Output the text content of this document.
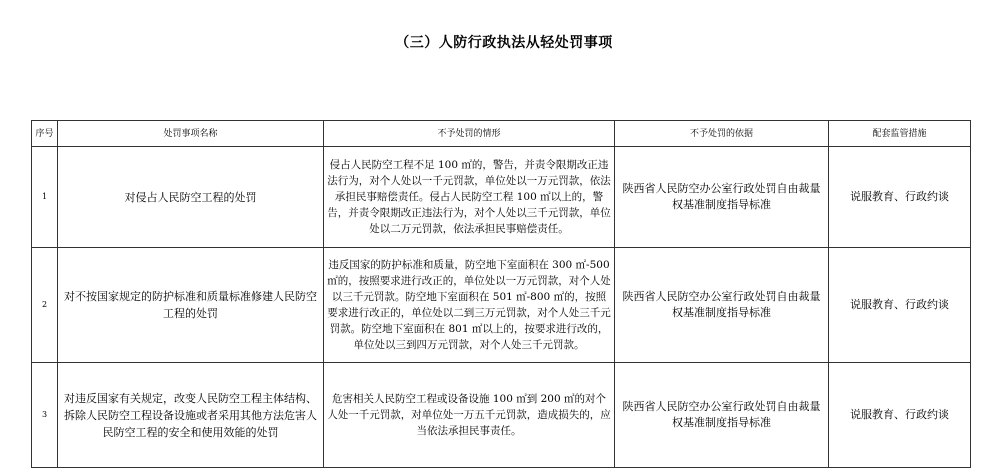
（三）人防行政执法从轻处罚事项
序号	处罚事项名称	不予处罚的情形	不予处罚的依据	配套监管措施
1	对侵占人民防空工程的处罚	侵占人民防空工程不足 100 ㎡的，警告，并责令限期改正违法行为，对个人处以一千元罚款，单位处以一万元罚款，依法承担民事赔偿责任。侵占人民防空工程 100 ㎡以上的，警告，并责令限期改正违法行为，对个人处以三千元罚款，单位处以二万元罚款，依法承担民事赔偿责任。	陕西省人民防空办公室行政处罚自由裁量权基准制度指导标准	说服教育、行政约谈
2	对不按国家规定的防护标准和质量标准修建人民防空工程的处罚	违反国家的防护标准和质量，防空地下室面积在 300 ㎡-500 ㎡的，按照要求进行改正的，单位处以一万元罚款，对个人处以三千元罚款。防空地下室面积在 501 ㎡-800 ㎡的，按照要求进行改正的，单位处以二到三万元罚款，对个人处三千元罚款。防空地下室面积在 801 ㎡以上的，按要求进行改的，单位处以三到四万元罚款，对个人处三千元罚款。	陕西省人民防空办公室行政处罚自由裁量权基准制度指导标准	说服教育、行政约谈
3	对违反国家有关规定，改变人民防空工程主体结构、拆除人民防空工程设备设施或者采用其他方法危害人民防空工程的安全和使用效能的处罚	危害相关人民防空工程或设备设施 100 ㎡到 200 ㎡的对个人处一千元罚款，对单位处一万五千元罚款，造成损失的，应当依法承担民事责任。	陕西省人民防空办公室行政处罚自由裁量权基准制度指导标准	说服教育、行政约谈
